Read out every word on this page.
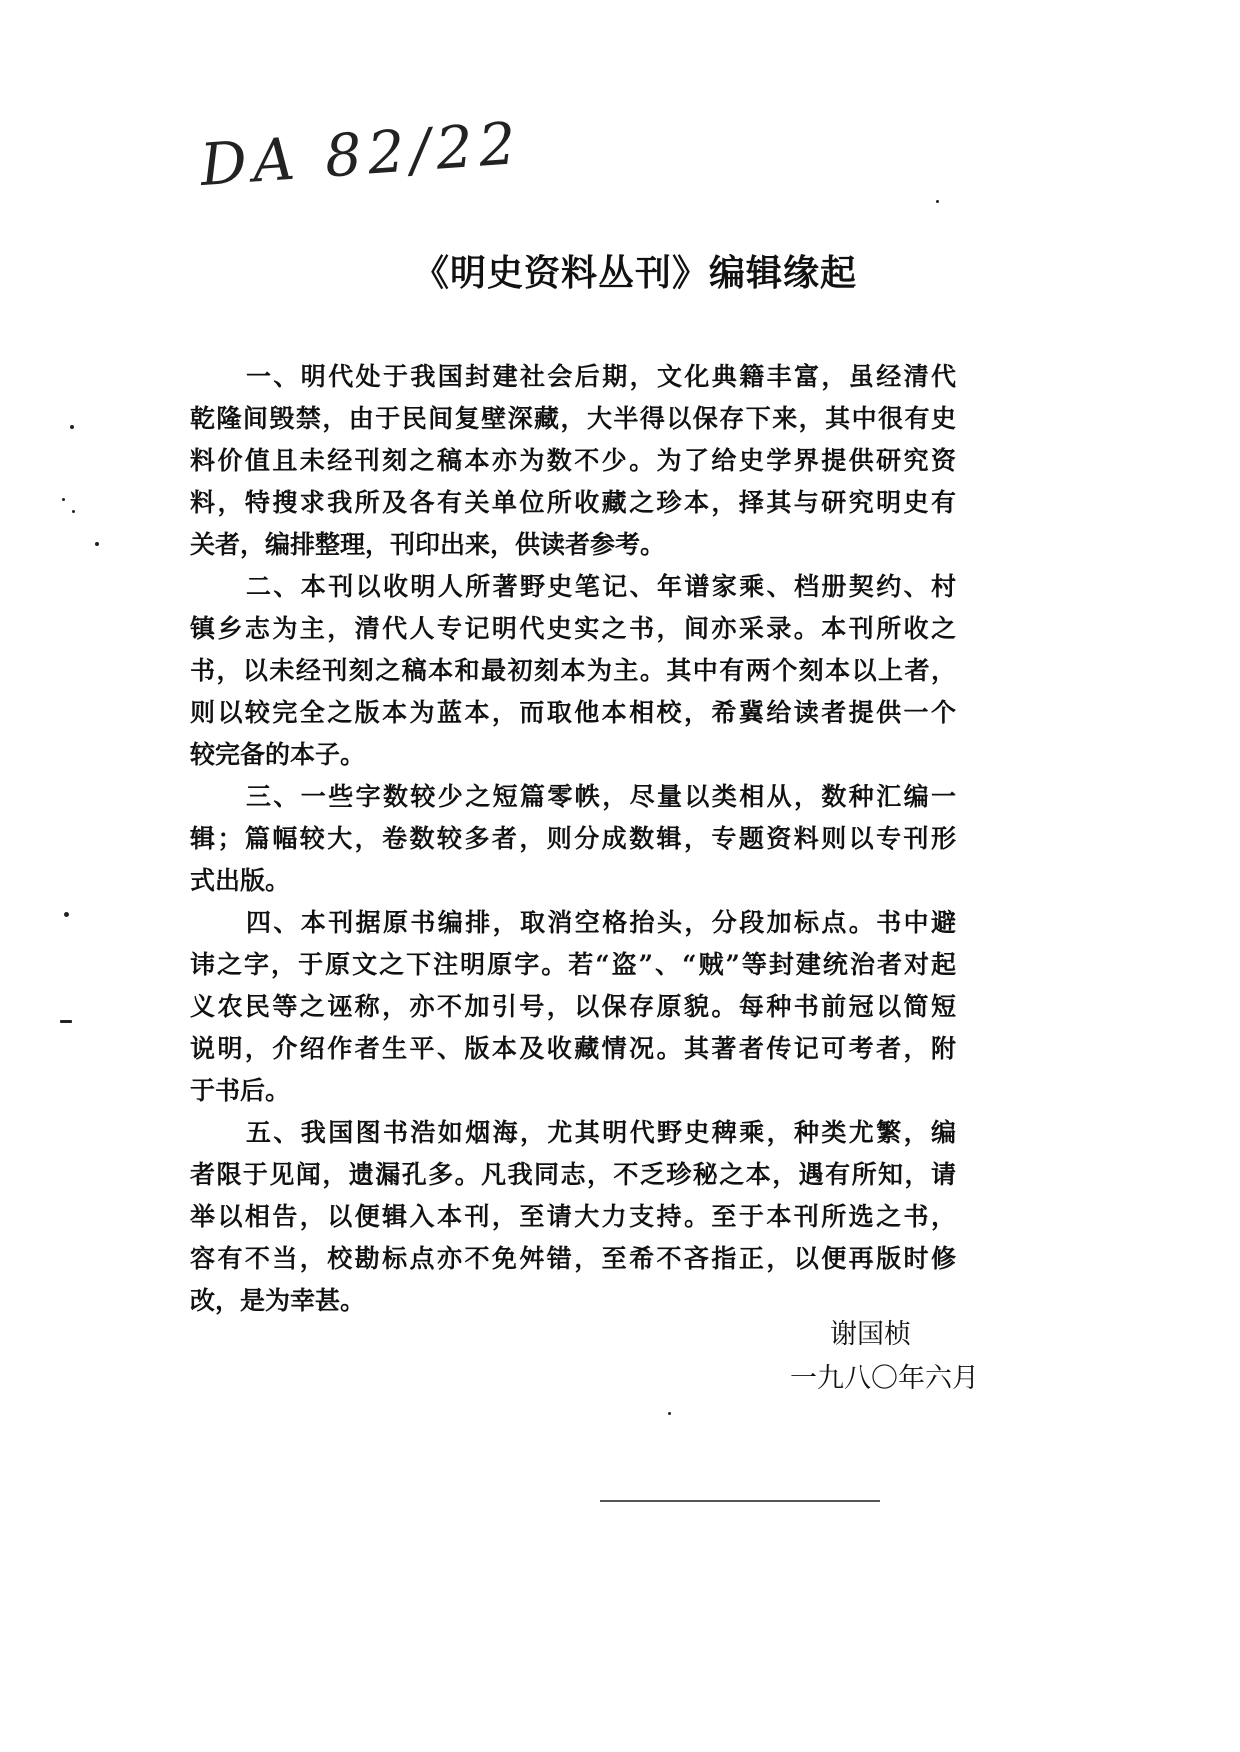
DA 82/22
《明史资料丛刊》编辑缘起
一、明代处于我国封建社会后期，文化典籍丰富，虽经清代
乾隆间毁禁，由于民间复壁深藏，大半得以保存下来，其中很有史
料价值且未经刊刻之稿本亦为数不少。为了给史学界提供研究资
料，特搜求我所及各有关单位所收藏之珍本，择其与研究明史有
关者，编排整理，刊印出来，供读者参考。
二、本刊以收明人所著野史笔记、年谱家乘、档册契约、村
镇乡志为主，清代人专记明代史实之书，间亦采录。本刊所收之
书，以未经刊刻之稿本和最初刻本为主。其中有两个刻本以上者，
则以较完全之版本为蓝本，而取他本相校，希冀给读者提供一个
较完备的本子。
三、一些字数较少之短篇零帙，尽量以类相从，数种汇编一
辑；篇幅较大，卷数较多者，则分成数辑，专题资料则以专刊形
式出版。
四、本刊据原书编排，取消空格抬头，分段加标点。书中避
讳之字，于原文之下注明原字。若“盗”、“贼”等封建统治者对起
义农民等之诬称，亦不加引号，以保存原貌。每种书前冠以简短
说明，介绍作者生平、版本及收藏情况。其著者传记可考者，附
于书后。
五、我国图书浩如烟海，尤其明代野史稗乘，种类尤繁，编
者限于见闻，遗漏孔多。凡我同志，不乏珍秘之本，遇有所知，请
举以相告，以便辑入本刊，至请大力支持。至于本刊所选之书，
容有不当，校勘标点亦不免舛错，至希不吝指正，以便再版时修
改，是为幸甚。
谢国桢
一九八〇年六月
